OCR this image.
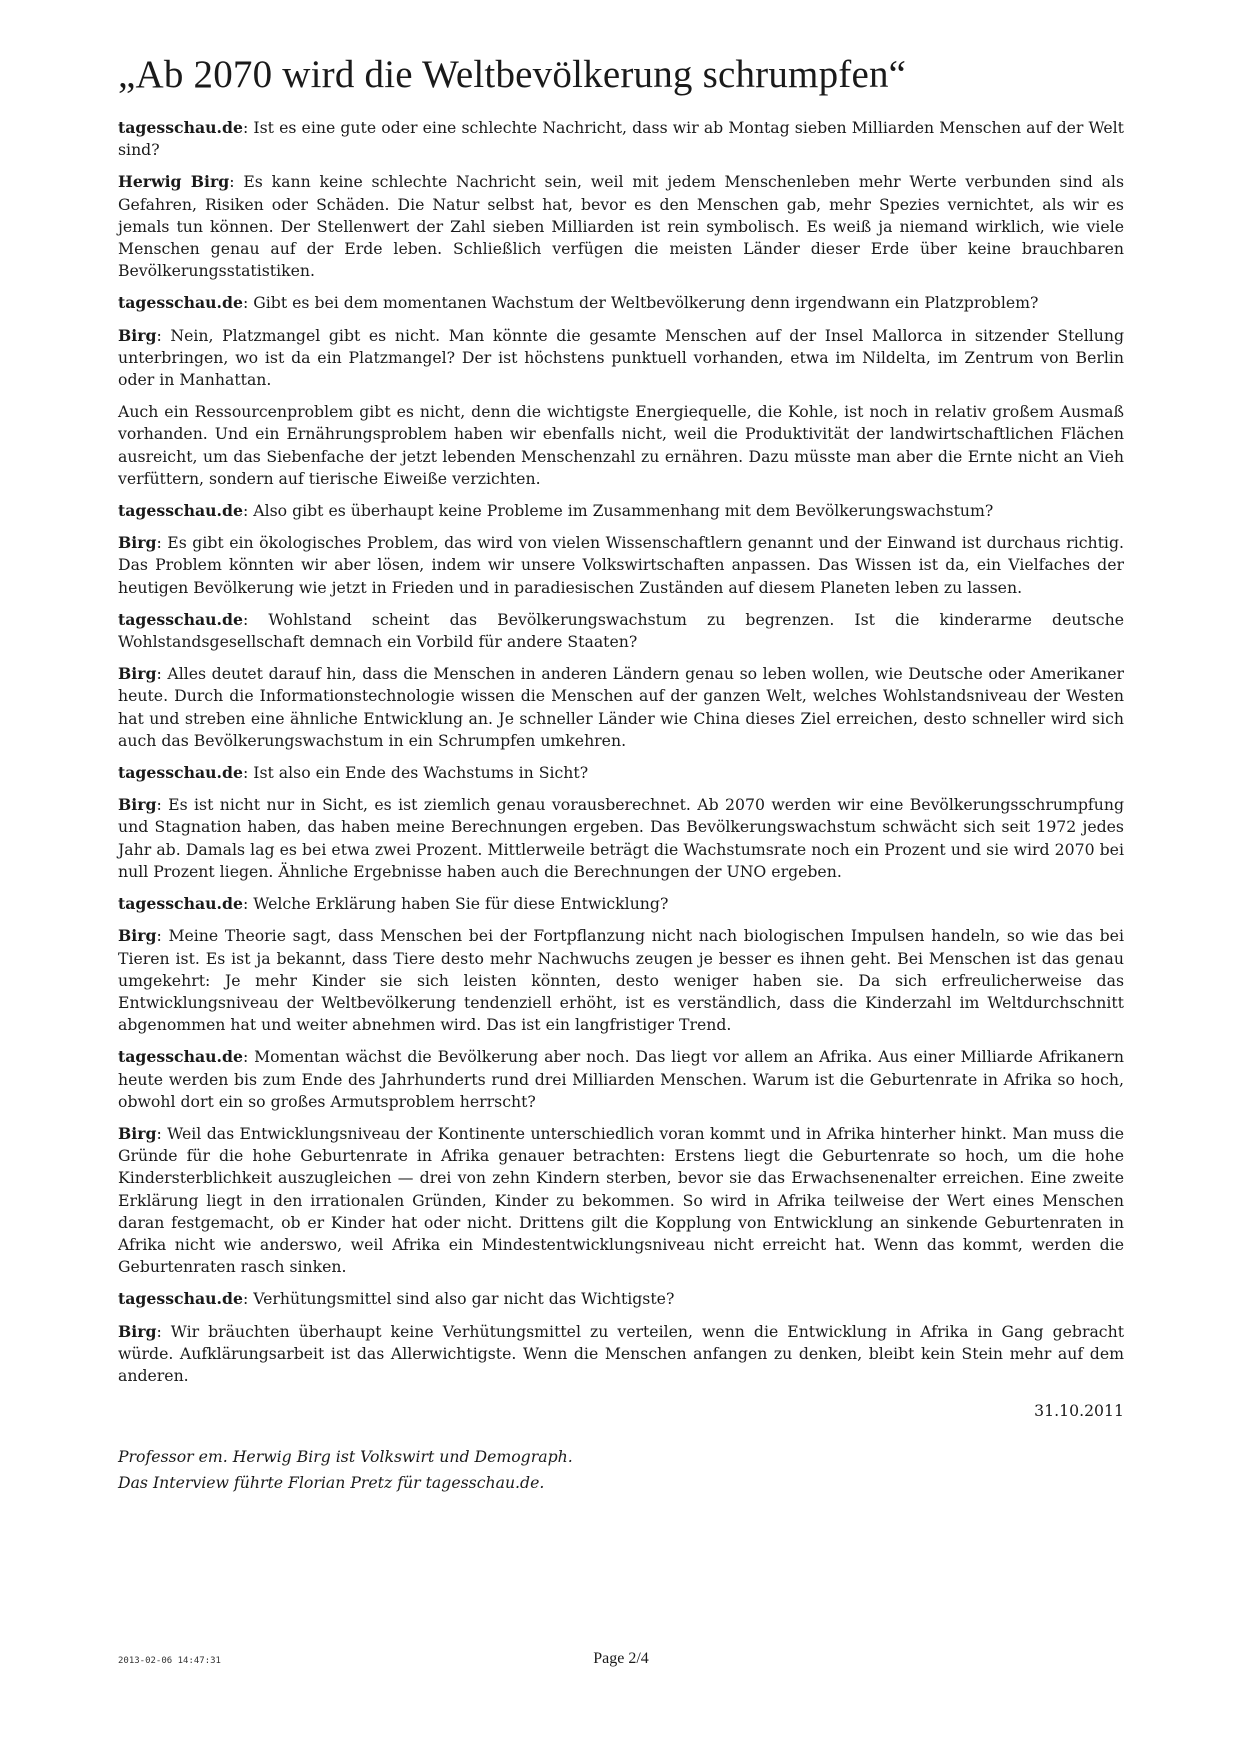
„Ab 2070 wird die Weltbevölkerung schrumpfen“

tagesschau.de: Ist es eine gute oder eine schlechte Nachricht, dass wir ab Montag sieben Milliarden Menschen auf der Welt sind?

Herwig Birg: Es kann keine schlechte Nachricht sein, weil mit jedem Menschenleben mehr Werte verbunden sind als Gefahren, Risiken oder Schäden. Die Natur selbst hat, bevor es den Menschen gab, mehr Spezies vernichtet, als wir es jemals tun können. Der Stellenwert der Zahl sieben Milliarden ist rein symbolisch. Es weiß ja niemand wirklich, wie viele Menschen genau auf der Erde leben. Schließlich verfügen die meisten Länder dieser Erde über keine brauchbaren Bevölkerungsstatistiken.

tagesschau.de: Gibt es bei dem momentanen Wachstum der Weltbevölkerung denn irgendwann ein Platzproblem?

Birg: Nein, Platzmangel gibt es nicht. Man könnte die gesamte Menschen auf der Insel Mallorca in sitzender Stellung unterbringen, wo ist da ein Platzmangel? Der ist höchstens punktuell vorhanden, etwa im Nildelta, im Zentrum von Berlin oder in Manhattan.

Auch ein Ressourcenproblem gibt es nicht, denn die wichtigste Energiequelle, die Kohle, ist noch in relativ großem Ausmaß vorhanden. Und ein Ernährungsproblem haben wir ebenfalls nicht, weil die Produktivität der landwirtschaftlichen Flächen ausreicht, um das Siebenfache der jetzt lebenden Menschenzahl zu ernähren. Dazu müsste man aber die Ernte nicht an Vieh verfüttern, sondern auf tierische Eiweiße verzichten.

tagesschau.de: Also gibt es überhaupt keine Probleme im Zusammenhang mit dem Bevölkerungswachstum?

Birg: Es gibt ein ökologisches Problem, das wird von vielen Wissenschaftlern genannt und der Einwand ist durchaus richtig. Das Problem könnten wir aber lösen, indem wir unsere Volkswirtschaften anpassen. Das Wissen ist da, ein Vielfaches der heutigen Bevölkerung wie jetzt in Frieden und in paradiesischen Zuständen auf diesem Planeten leben zu lassen.

tagesschau.de: Wohlstand scheint das Bevölkerungswachstum zu begrenzen. Ist die kinderarme deutsche Wohlstandsgesellschaft demnach ein Vorbild für andere Staaten?

Birg: Alles deutet darauf hin, dass die Menschen in anderen Ländern genau so leben wollen, wie Deutsche oder Amerikaner heute. Durch die Informationstechnologie wissen die Menschen auf der ganzen Welt, welches Wohlstandsniveau der Westen hat und streben eine ähnliche Entwicklung an. Je schneller Länder wie China dieses Ziel erreichen, desto schneller wird sich auch das Bevölkerungswachstum in ein Schrumpfen umkehren.

tagesschau.de: Ist also ein Ende des Wachstums in Sicht?

Birg: Es ist nicht nur in Sicht, es ist ziemlich genau vorausberechnet. Ab 2070 werden wir eine Bevölkerungsschrumpfung und Stagnation haben, das haben meine Berechnungen ergeben. Das Bevölkerungswachstum schwächt sich seit 1972 jedes Jahr ab. Damals lag es bei etwa zwei Prozent. Mittlerweile beträgt die Wachstumsrate noch ein Prozent und sie wird 2070 bei null Prozent liegen. Ähnliche Ergebnisse haben auch die Berechnungen der UNO ergeben.

tagesschau.de: Welche Erklärung haben Sie für diese Entwicklung?

Birg: Meine Theorie sagt, dass Menschen bei der Fortpflanzung nicht nach biologischen Impulsen handeln, so wie das bei Tieren ist. Es ist ja bekannt, dass Tiere desto mehr Nachwuchs zeugen je besser es ihnen geht. Bei Menschen ist das genau umgekehrt: Je mehr Kinder sie sich leisten könnten, desto weniger haben sie. Da sich erfreulicherweise das Entwicklungsniveau der Weltbevölkerung tendenziell erhöht, ist es verständlich, dass die Kinderzahl im Weltdurchschnitt abgenommen hat und weiter abnehmen wird. Das ist ein langfristiger Trend.

tagesschau.de: Momentan wächst die Bevölkerung aber noch. Das liegt vor allem an Afrika. Aus einer Milliarde Afrikanern heute werden bis zum Ende des Jahrhunderts rund drei Milliarden Menschen. Warum ist die Geburtenrate in Afrika so hoch, obwohl dort ein so großes Armutsproblem herrscht?

Birg: Weil das Entwicklungsniveau der Kontinente unterschiedlich voran kommt und in Afrika hinterher hinkt. Man muss die Gründe für die hohe Geburtenrate in Afrika genauer betrachten: Erstens liegt die Geburtenrate so hoch, um die hohe Kindersterblichkeit auszugleichen — drei von zehn Kindern sterben, bevor sie das Erwachsenenalter erreichen. Eine zweite Erklärung liegt in den irrationalen Gründen, Kinder zu bekommen. So wird in Afrika teilweise der Wert eines Menschen daran festgemacht, ob er Kinder hat oder nicht. Drittens gilt die Kopplung von Entwicklung an sinkende Geburtenraten in Afrika nicht wie anderswo, weil Afrika ein Mindestentwicklungsniveau nicht erreicht hat. Wenn das kommt, werden die Geburtenraten rasch sinken.

tagesschau.de: Verhütungsmittel sind also gar nicht das Wichtigste?

Birg: Wir bräuchten überhaupt keine Verhütungsmittel zu verteilen, wenn die Entwicklung in Afrika in Gang gebracht würde. Aufklärungsarbeit ist das Allerwichtigste. Wenn die Menschen anfangen zu denken, bleibt kein Stein mehr auf dem anderen.

31.10.2011

Professor em. Herwig Birg ist Volkswirt und Demograph.

Das Interview führte Florian Pretz für tagesschau.de.

2013-02-06 14:47:31	Page 2/4
